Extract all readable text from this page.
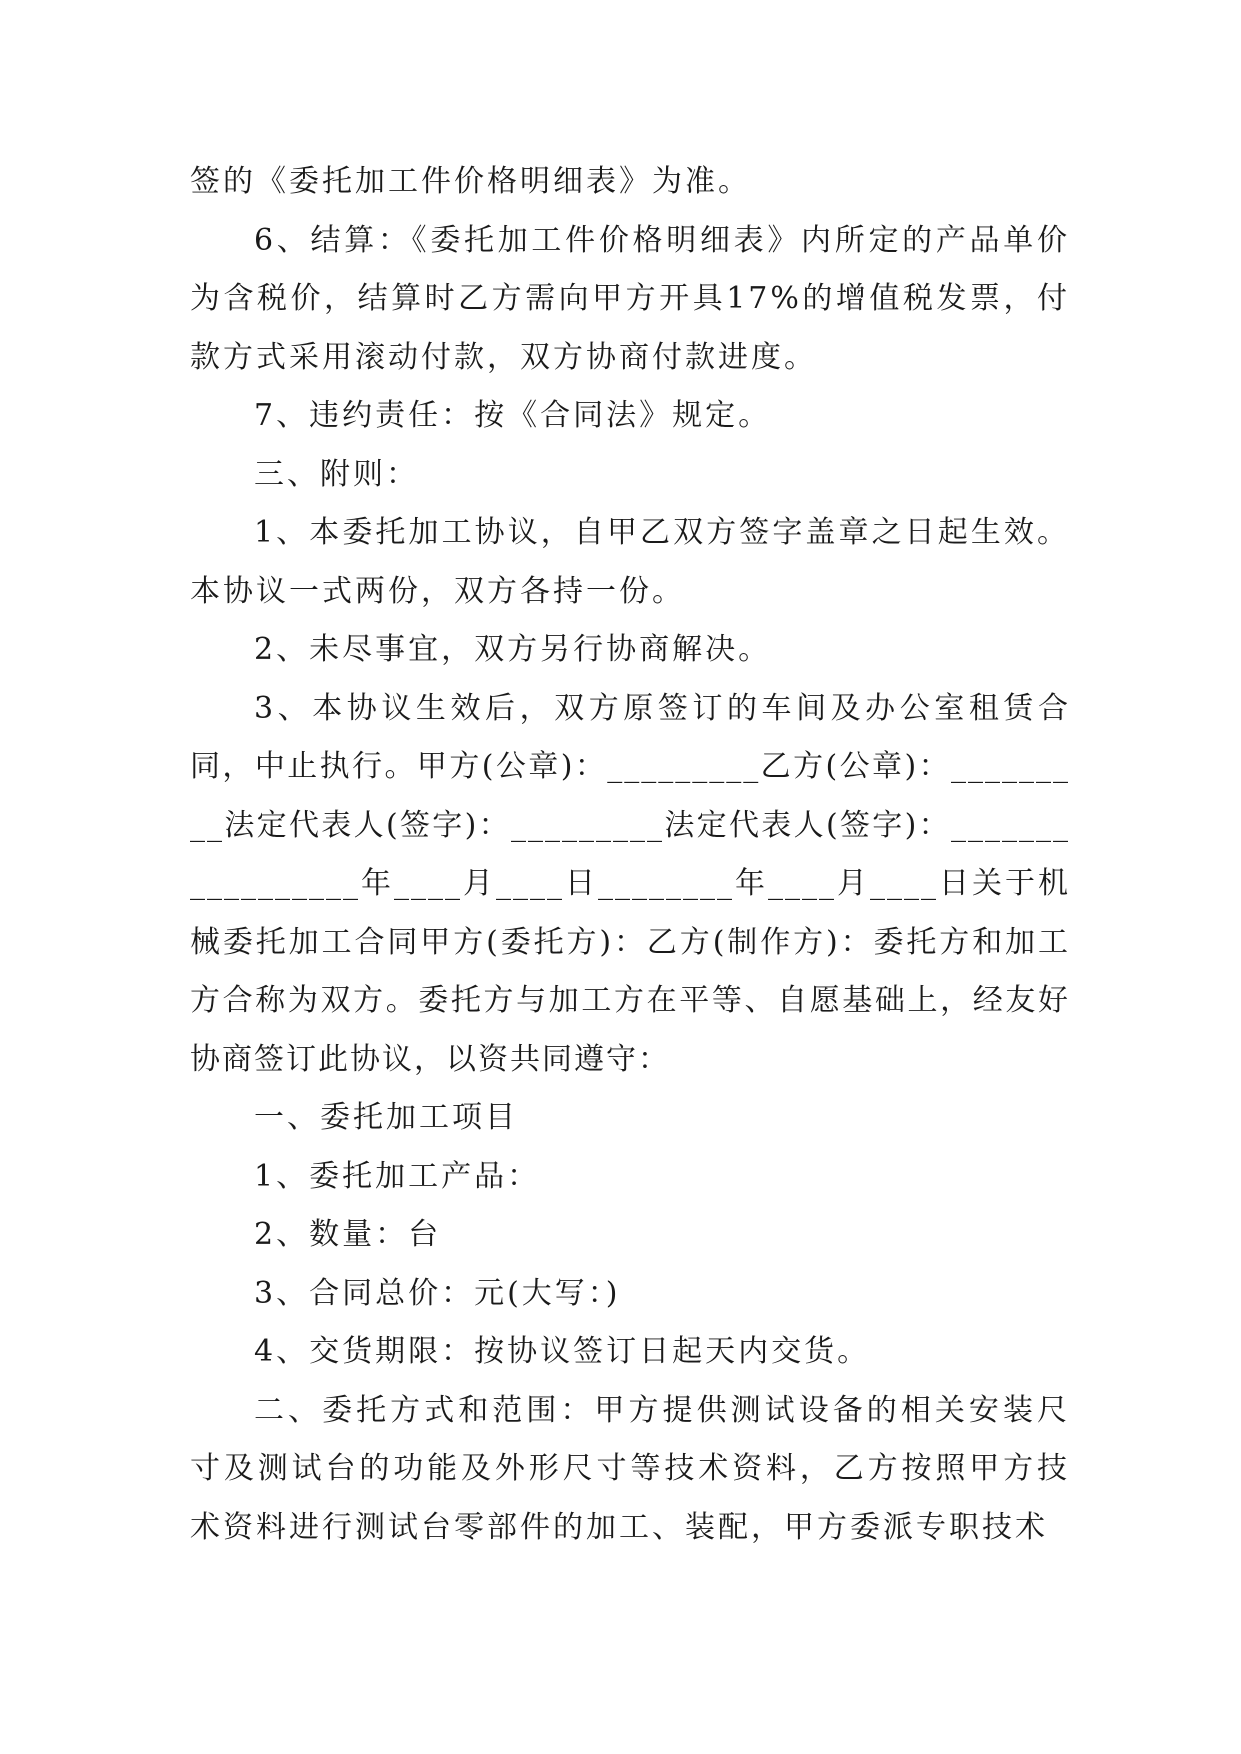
签的《委托加工件价格明细表》为准。

6、结算：《委托加工件价格明细表》内所定的产品单价为含税价，结算时乙方需向甲方开具17%的增值税发票，付款方式采用滚动付款，双方协商付款进度。

7、违约责任：按《合同法》规定。

三、附则：

1、本委托加工协议，自甲乙双方签字盖章之日起生效。本协议一式两份，双方各持一份。

2、未尽事宜，双方另行协商解决。

3、本协议生效后，双方原签订的车间及办公室租赁合同，中止执行。甲方(公章)：_________乙方(公章)：_________法定代表人(签字)：_________法定代表人(签字)：_________________年____月____日________年____月____日关于机械委托加工合同甲方(委托方)：乙方(制作方)：委托方和加工方合称为双方。委托方与加工方在平等、自愿基础上，经友好协商签订此协议，以资共同遵守：

一、委托加工项目

1、委托加工产品：

2、数量：台

3、合同总价：元(大写：)

4、交货期限：按协议签订日起天内交货。

二、委托方式和范围：甲方提供测试设备的相关安装尺寸及测试台的功能及外形尺寸等技术资料，乙方按照甲方技术资料进行测试台零部件的加工、装配，甲方委派专职技术
